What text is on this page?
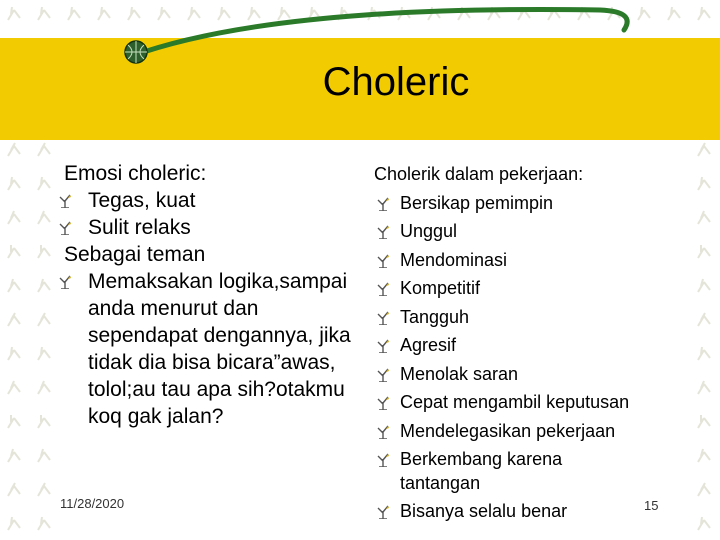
Choleric
Emosi choleric:
Tegas, kuat
Sulit relaks
Sebagai teman
Memaksakan logika,sampai anda menurut dan sependapat dengannya, jika tidak dia bisa bicara”awas, tolol;au tau apa sih?otakmu koq gak jalan?
Cholerik dalam pekerjaan:
Bersikap pemimpin
Unggul
Mendominasi
Kompetitif
Tangguh
Agresif
Menolak saran
Cepat mengambil keputusan
Mendelegasikan pekerjaan
Berkembang karena tantangan
Bisanya selalu benar
11/28/2020	15
